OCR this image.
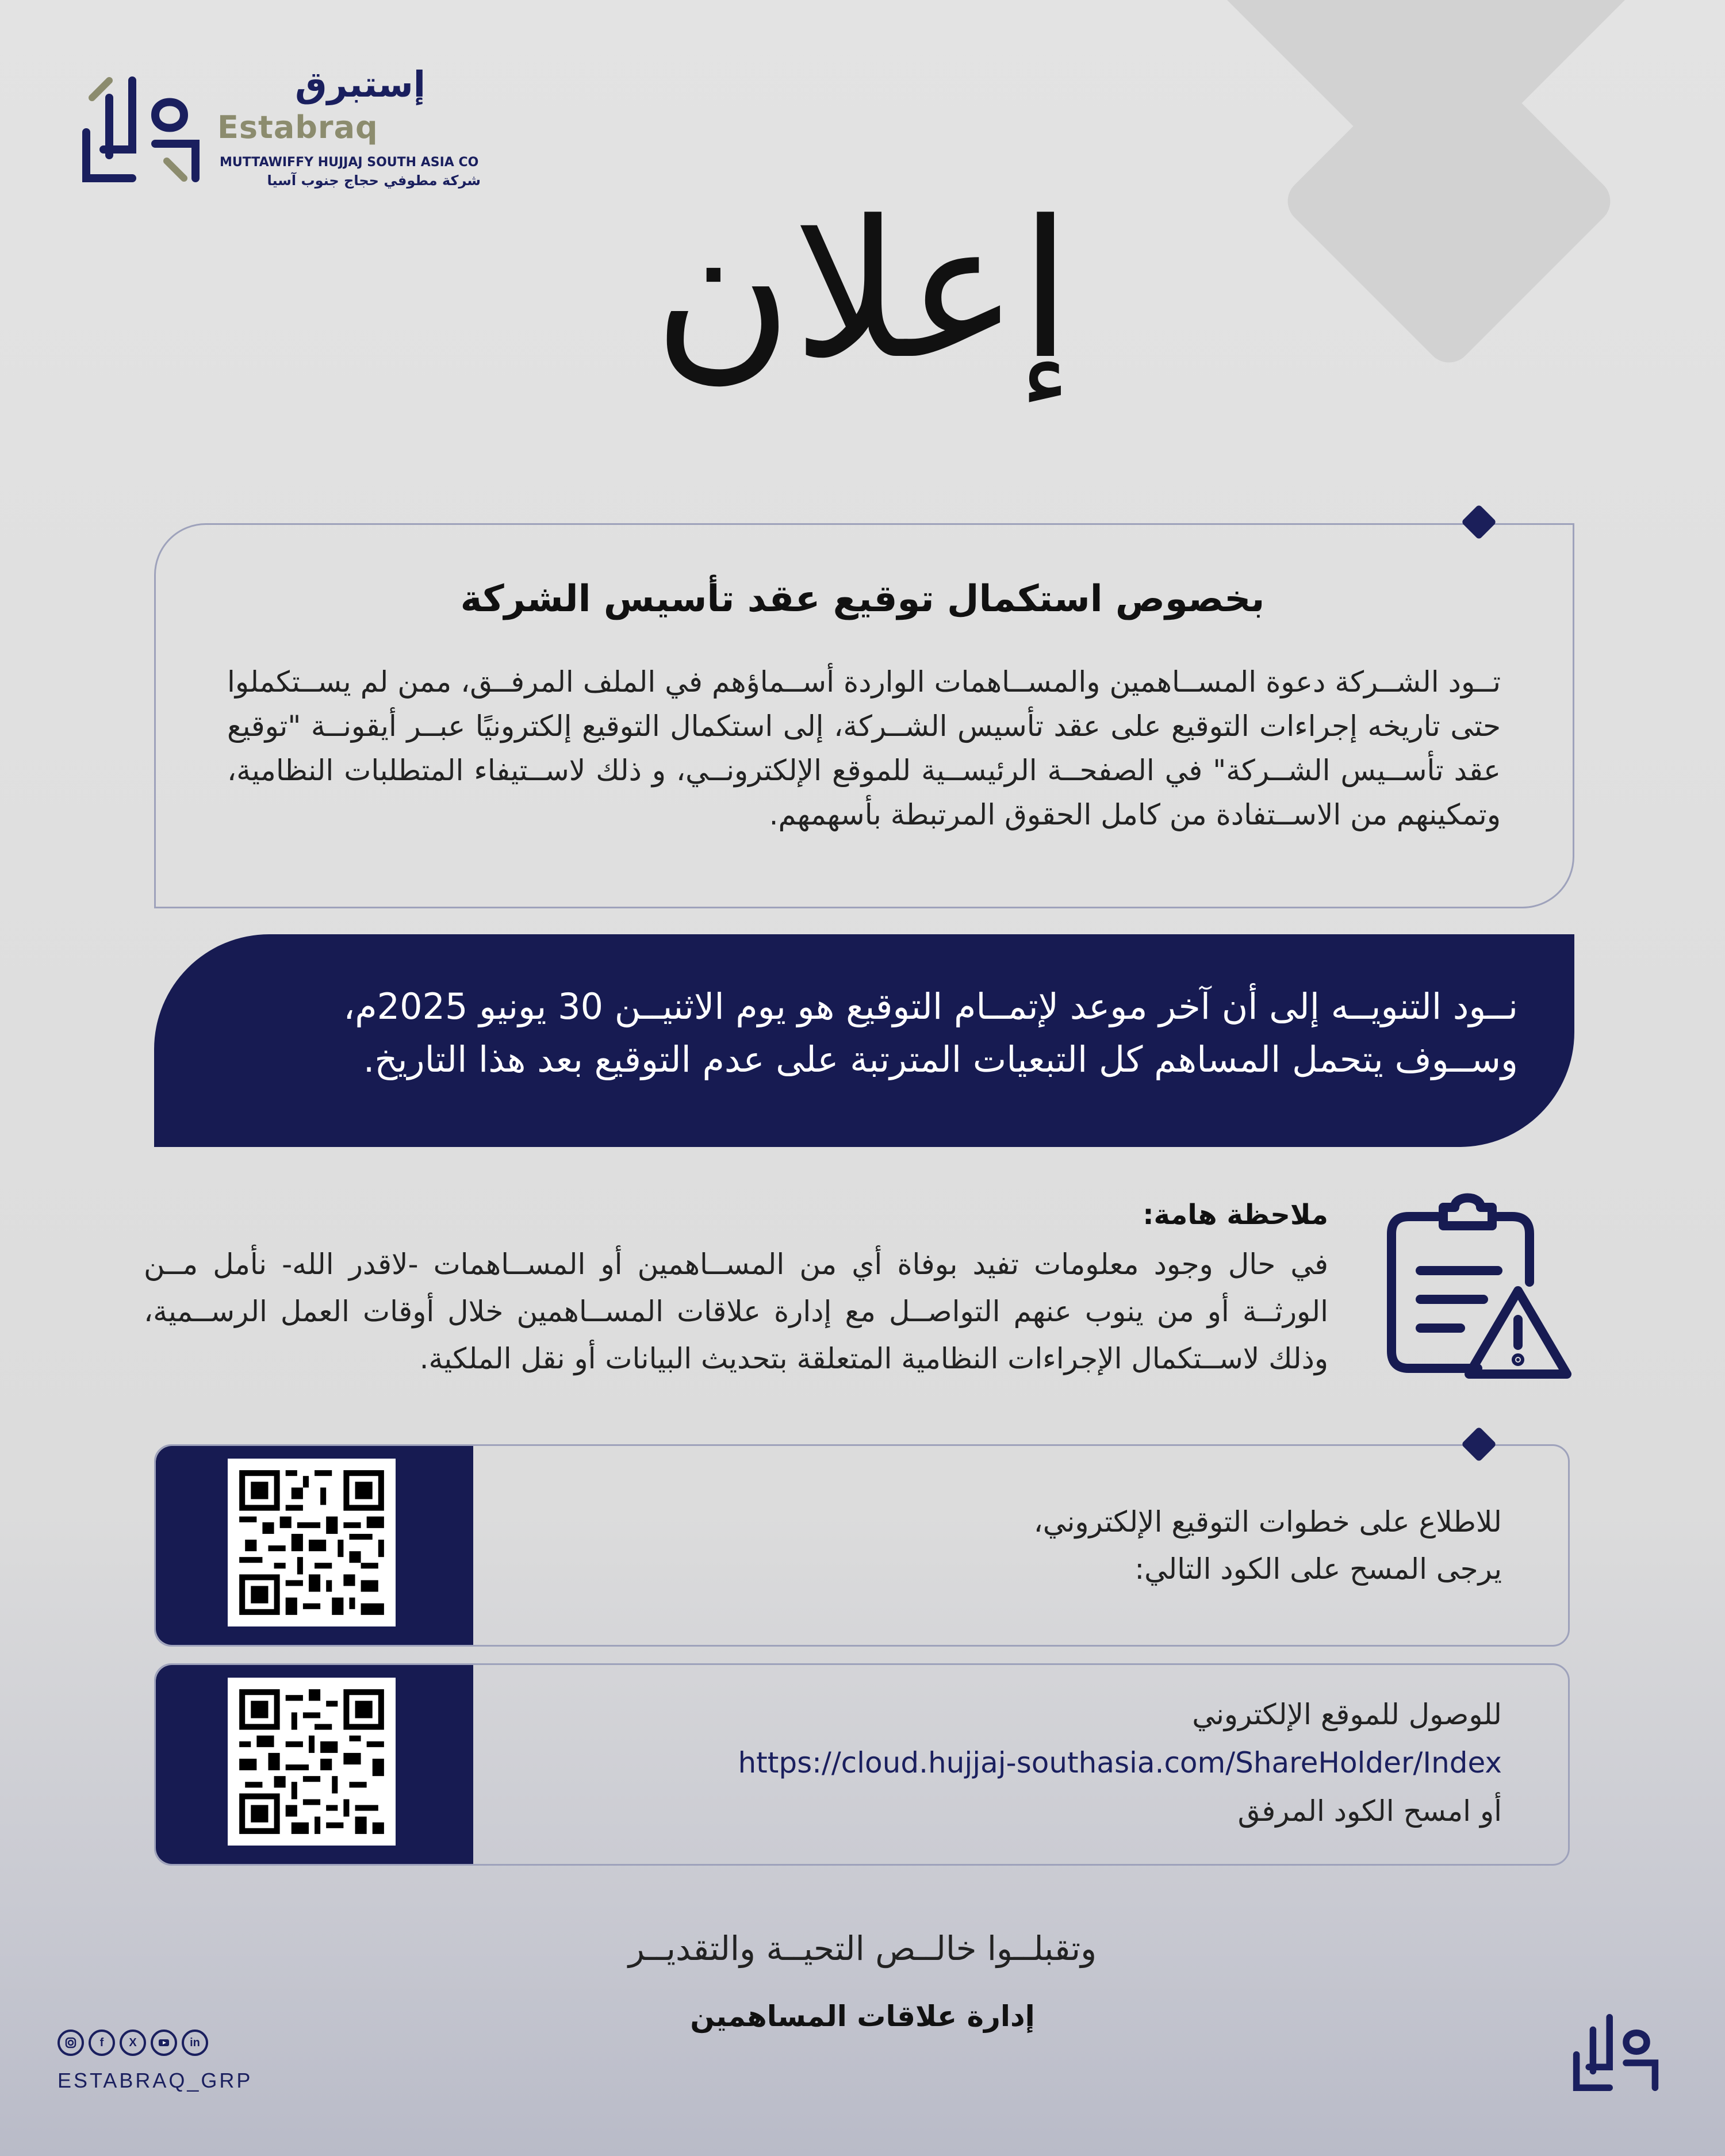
إستبرق
Estabraq
MUTTAWIFFY HUJJAJ SOUTH ASIA CO
شركة مطوفي حجاج جنوب آسيا إعلان
بخصوص استكمال توقيع عقد تأسيس الشركة
تــود الشــركة دعوة المســاهمين والمســاهمات الواردة أســماؤهم في الملف المرفــق، ممن لم يســتكملوا حتى تاريخه إجراءات التوقيع على عقد تأسيس الشــركة، إلى استكمال التوقيع إلكترونيًا عبــر أيقونــة "توقيع عقد تأســيس الشــركة" في الصفحــة الرئيســية للموقع الإلكترونــي، و ذلك لاســتيفاء المتطلبات النظامية، وتمكينهم من الاســتفادة من كامل الحقوق المرتبطة بأسهمهم.
نــود التنويــه إلى أن آخر موعد لإتمــام التوقيع هو يوم الاثنيــن 30 يونيو 2025م،
وســوف يتحمل المساهم كل التبعيات المترتبة على عدم التوقيع بعد هذا التاريخ.
ملاحظة هامة:
في حال وجود معلومات تفيد بوفاة أي من المســاهمين أو المســاهمات -لاقدر الله- نأمل مــن الورثــة أو من ينوب عنهم التواصــل مع إدارة علاقات المســاهمين خلال أوقات العمل الرســمية، وذلك لاســتكمال الإجراءات النظامية المتعلقة بتحديث البيانات أو نقل الملكية.
للاطلاع على خطوات التوقيع الإلكتروني،
يرجى المسح على الكود التالي:
للوصول للموقع الإلكتروني
https://cloud.hujjaj-southasia.com/ShareHolder/Index
أو امسح الكود المرفق
وتقبلــوا خالــص التحيــة والتقديــر
إدارة علاقات المساهمين
f	X	in
ESTABRAQ_GRP
